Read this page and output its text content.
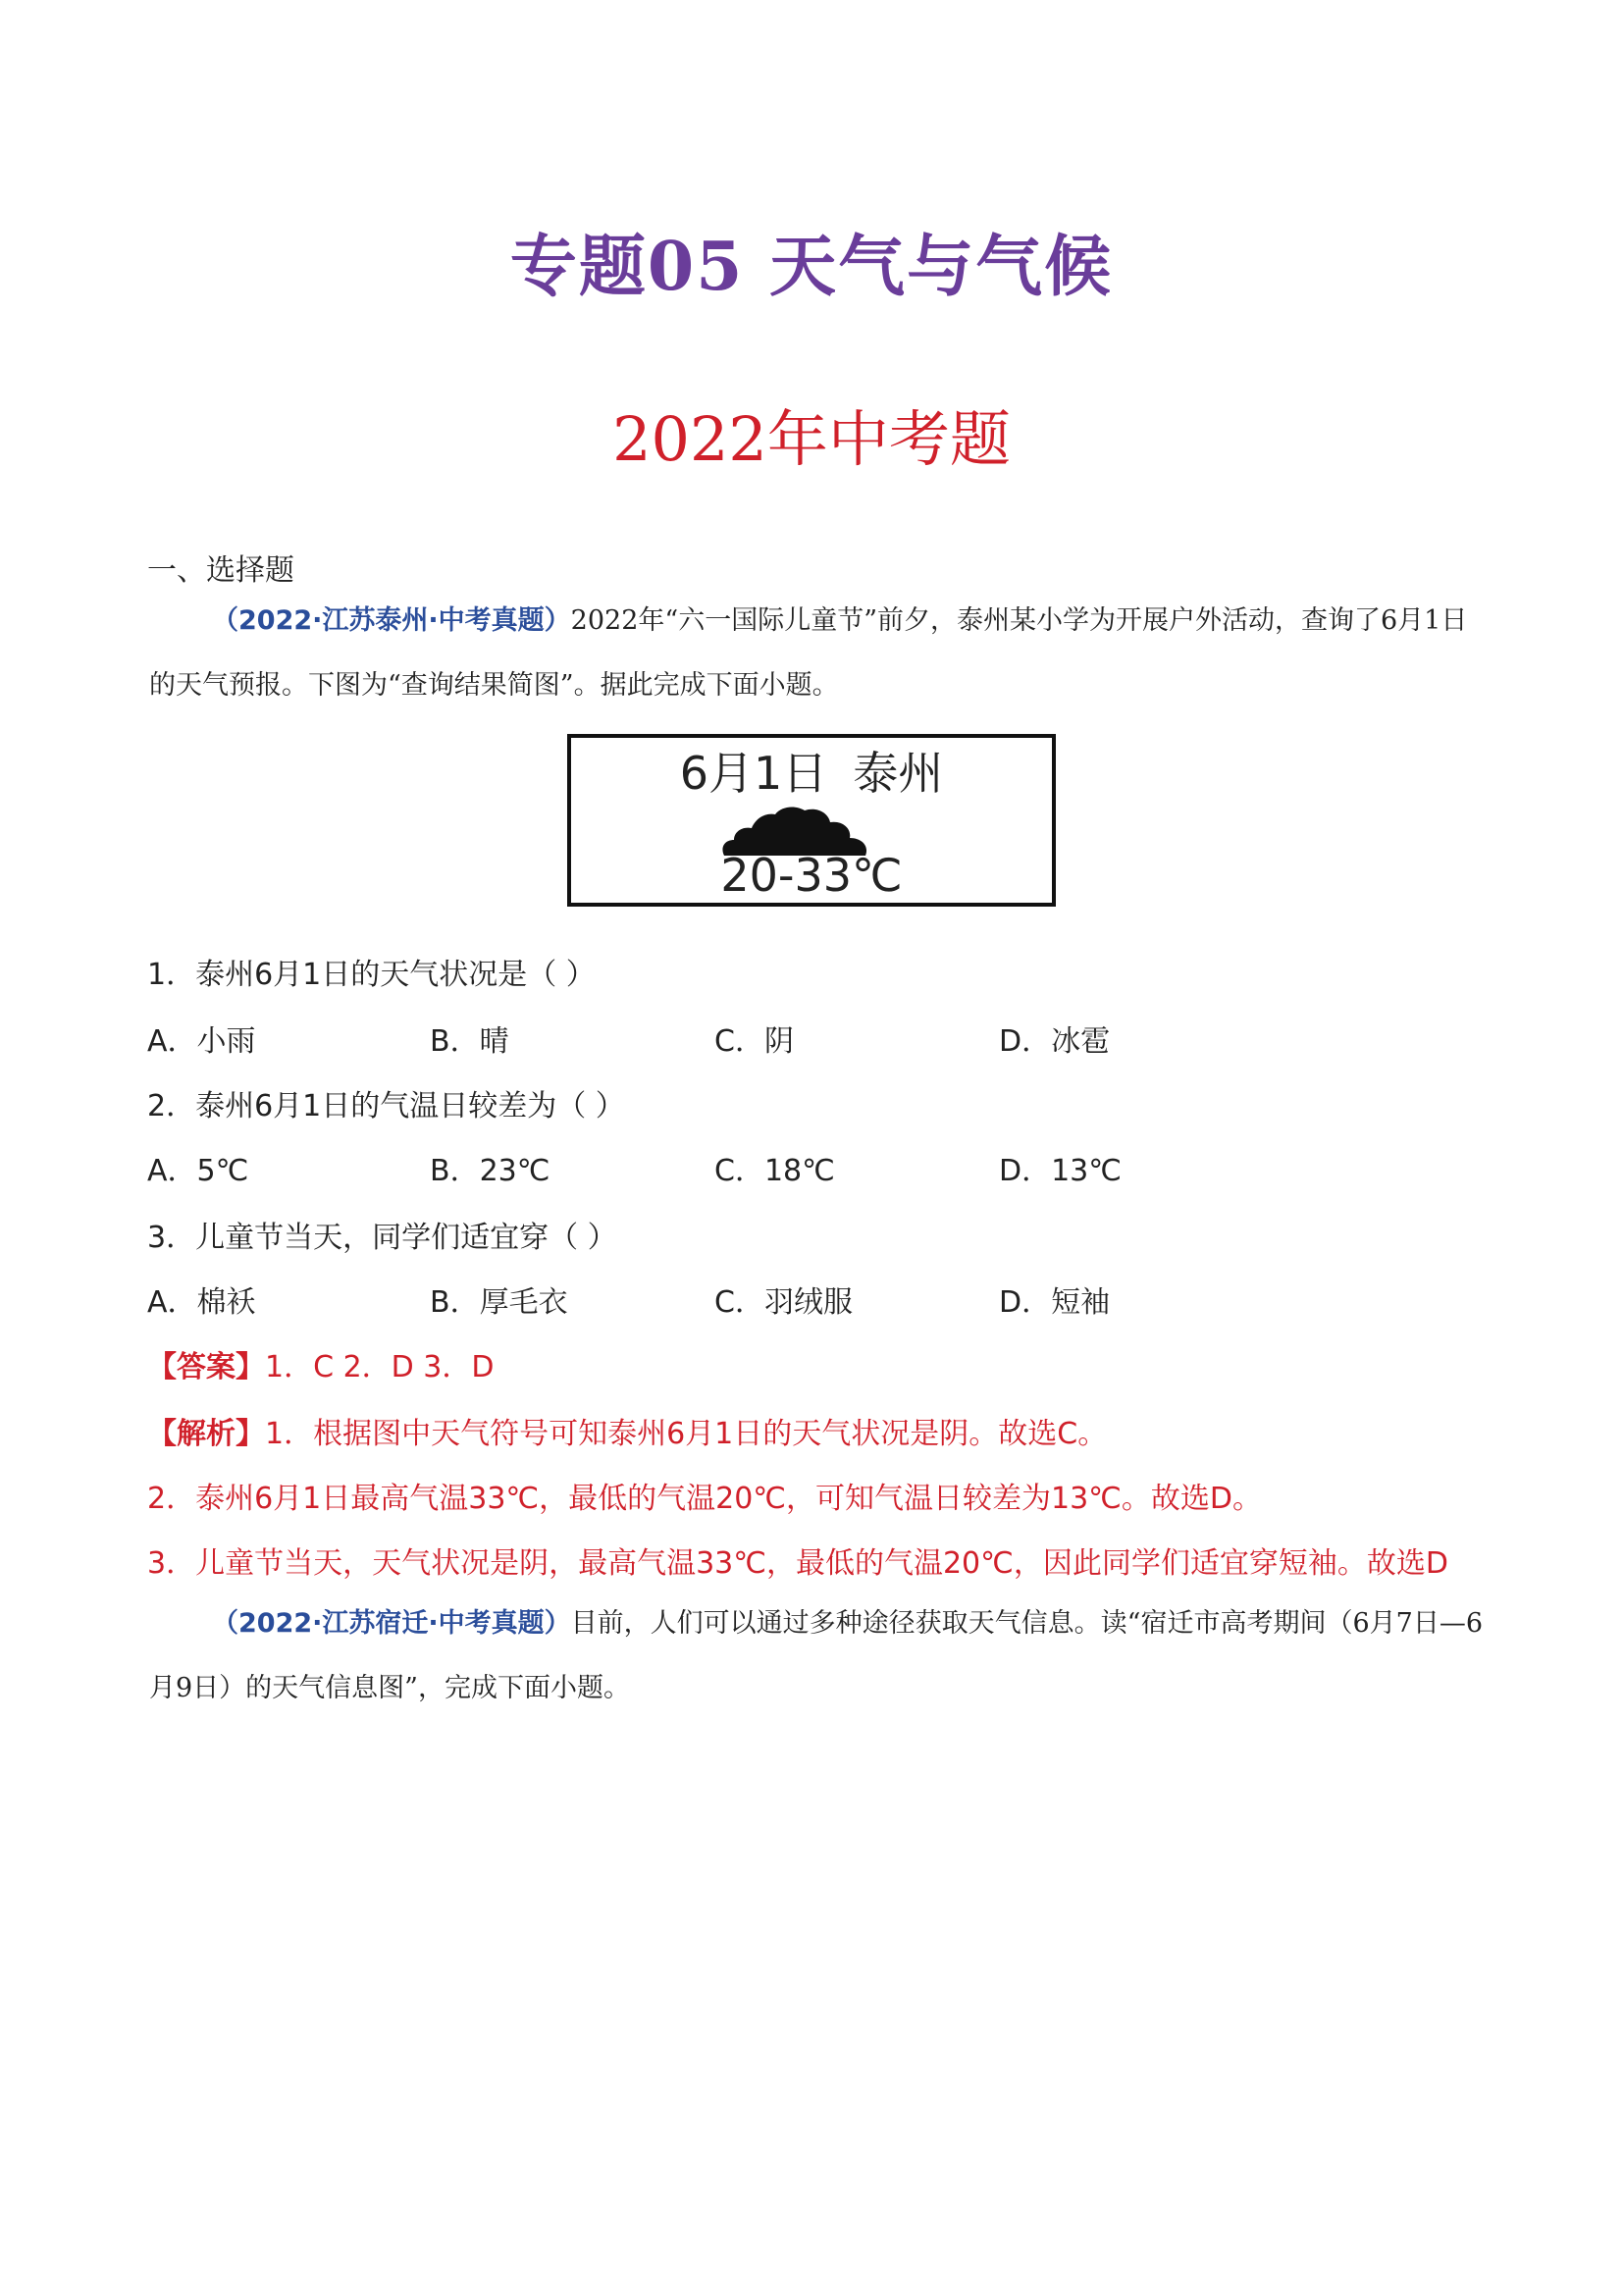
专题05 天气与气候
2022年中考题
一、选择题
（2022·江苏泰州·中考真题）2022年“六一国际儿童节”前夕，泰州某小学为开展户外活动，查询了6月1日的天气预报。下图为“查询结果简图”。据此完成下面小题。
6月1日 泰州
20-33℃
1．泰州6月1日的天气状况是（ ）
A．小雨	B．晴	C．阴	D．冰雹
2．泰州6月1日的气温日较差为（ ）
A．5℃	B．23℃	C．18℃	D．13℃
3．儿童节当天，同学们适宜穿（ ）
A．棉袄	B．厚毛衣	C．羽绒服	D．短袖
【答案】1．C 2．D 3．D
【解析】1．根据图中天气符号可知泰州6月1日的天气状况是阴。故选C。
2．泰州6月1日最高气温33℃，最低的气温20℃，可知气温日较差为13℃。故选D。
3．儿童节当天，天气状况是阴，最高气温33℃，最低的气温20℃，因此同学们适宜穿短袖。故选D
（2022·江苏宿迁·中考真题）目前，人们可以通过多种途径获取天气信息。读“宿迁市高考期间（6月7日—6月9日）的天气信息图”，完成下面小题。
